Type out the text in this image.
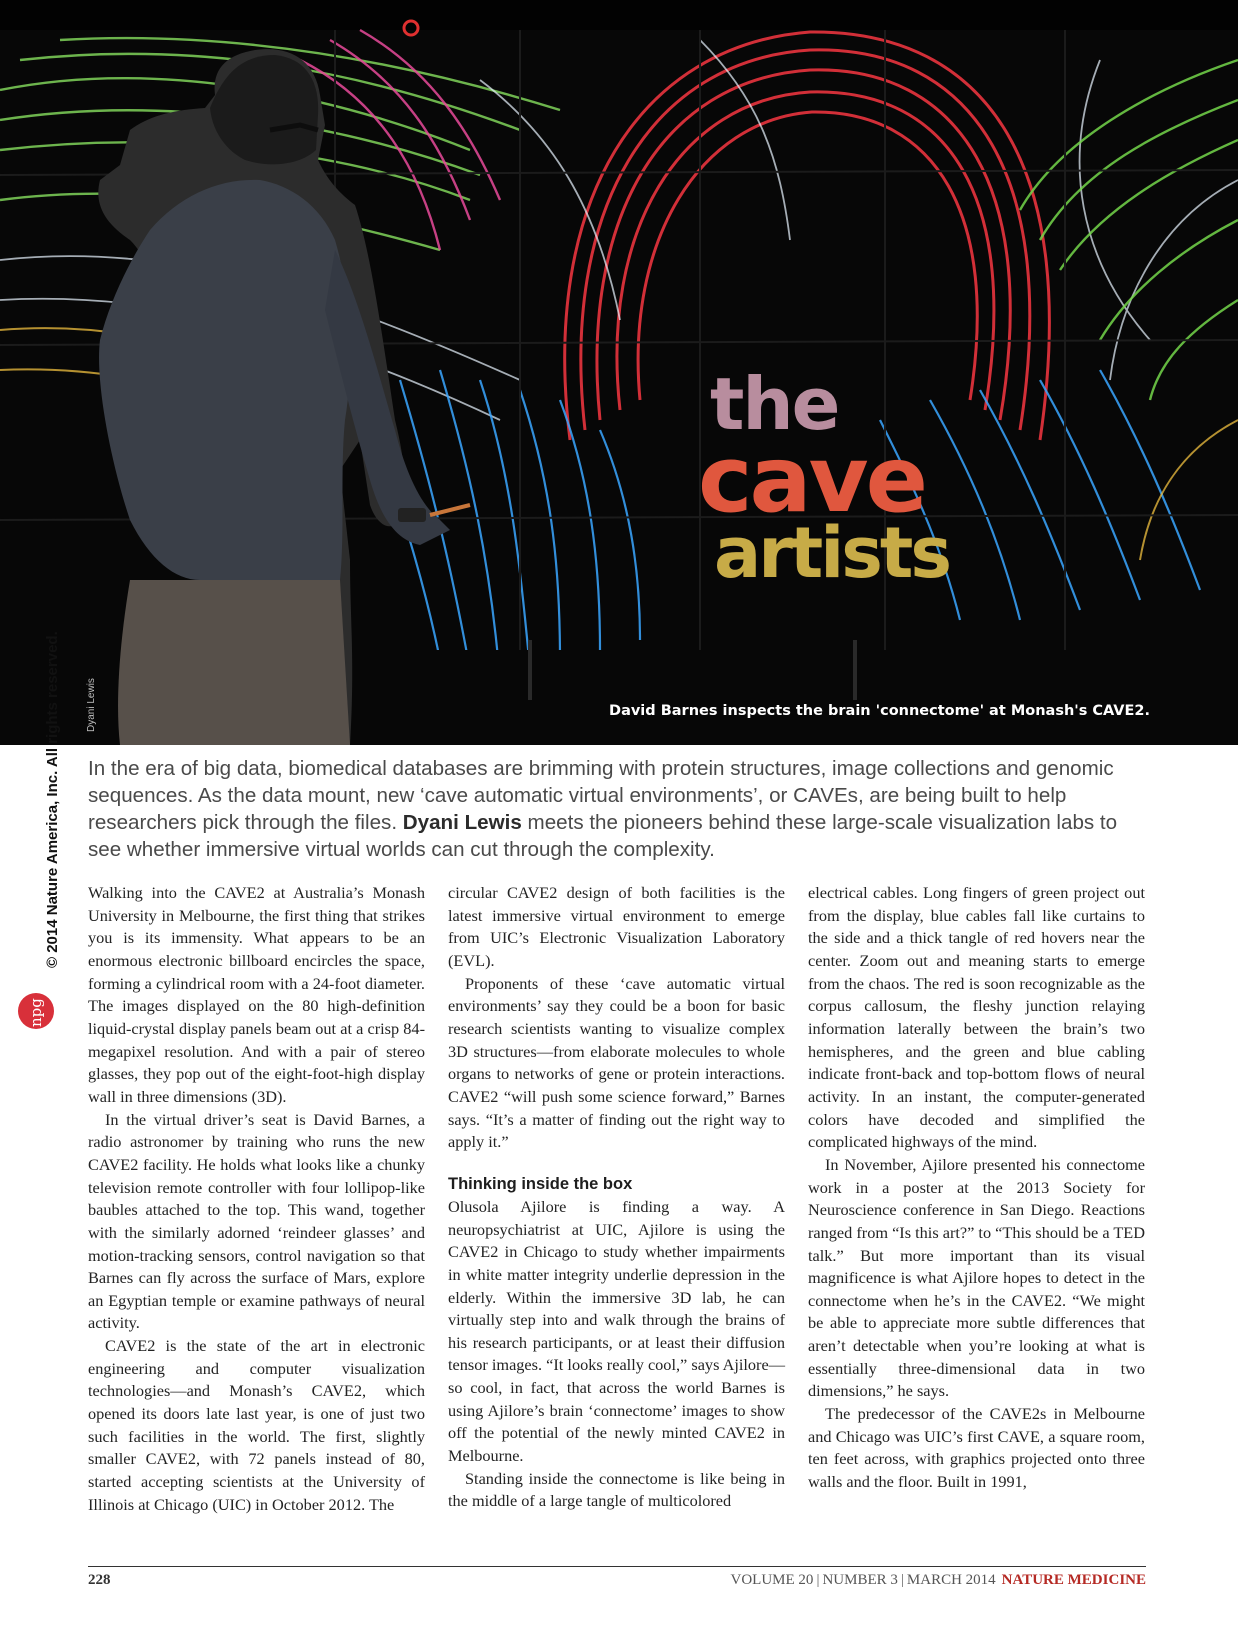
the
cave
artists
Dyani Lewis	David Barnes inspects the brain 'connectome' at Monash's CAVE2.
© 2014 Nature America, Inc. All rights reserved.
npg

In the era of big data, biomedical databases are brimming with protein structures, image collections and genomic sequences. As the data mount, new ‘cave automatic virtual environments’, or CAVEs, are being built to help researchers pick through the files. Dyani Lewis meets the pioneers behind these large-scale visualization labs to see whether immersive virtual worlds can cut through the complexity.

Walking into the CAVE2 at Australia’s Monash University in Melbourne, the first thing that strikes you is its immensity. What appears to be an enormous electronic billboard encircles the space, forming a cylindrical room with a 24-foot diameter. The images displayed on the 80 high-definition liquid-crystal display panels beam out at a crisp 84-megapixel resolution. And with a pair of stereo glasses, they pop out of the eight-foot-high display wall in three dimensions (3D).

In the virtual driver’s seat is David Barnes, a radio astronomer by training who runs the new CAVE2 facility. He holds what looks like a chunky television remote controller with four lollipop-like baubles attached to the top. This wand, together with the similarly adorned ‘reindeer glasses’ and motion-tracking sensors, control navigation so that Barnes can fly across the surface of Mars, explore an Egyptian temple or examine pathways of neural activity.

CAVE2 is the state of the art in electronic engineering and computer visualization technologies—and Monash’s CAVE2, which opened its doors late last year, is one of just two such facilities in the world. The first, slightly smaller CAVE2, with 72 panels instead of 80, started accepting scientists at the University of Illinois at Chicago (UIC) in October 2012. The

circular CAVE2 design of both facilities is the latest immersive virtual environment to emerge from UIC’s Electronic Visualization Laboratory (EVL).

Proponents of these ‘cave automatic virtual environments’ say they could be a boon for basic research scientists wanting to visualize complex 3D structures—from elaborate molecules to whole organs to networks of gene or protein interactions. CAVE2 “will push some science forward,” Barnes says. “It’s a matter of finding out the right way to apply it.”

Thinking inside the box

Olusola Ajilore is finding a way. A neuropsychiatrist at UIC, Ajilore is using the CAVE2 in Chicago to study whether impairments in white matter integrity underlie depression in the elderly. Within the immersive 3D lab, he can virtually step into and walk through the brains of his research participants, or at least their diffusion tensor images. “It looks really cool,” says Ajilore—so cool, in fact, that across the world Barnes is using Ajilore’s brain ‘connectome’ images to show off the potential of the newly minted CAVE2 in Melbourne.

Standing inside the connectome is like being in the middle of a large tangle of multicolored

electrical cables. Long fingers of green project out from the display, blue cables fall like curtains to the side and a thick tangle of red hovers near the center. Zoom out and meaning starts to emerge from the chaos. The red is soon recognizable as the corpus callosum, the fleshy junction relaying information laterally between the brain’s two hemispheres, and the green and blue cabling indicate front-back and top-bottom flows of neural activity. In an instant, the computer-generated colors have decoded and simplified the complicated highways of the mind.

In November, Ajilore presented his connectome work in a poster at the 2013 Society for Neuroscience conference in San Diego. Reactions ranged from “Is this art?” to “This should be a TED talk.” But more important than its visual magnificence is what Ajilore hopes to detect in the connectome when he’s in the CAVE2. “We might be able to appreciate more subtle differences that aren’t detectable when you’re looking at what is essentially three-dimensional data in two dimensions,” he says.

The predecessor of the CAVE2s in Melbourne and Chicago was UIC’s first CAVE, a square room, ten feet across, with graphics projected onto three walls and the floor. Built in 1991,

228	VOLUME 20 | NUMBER 3 | MARCH 2014 NATURE MEDICINE
